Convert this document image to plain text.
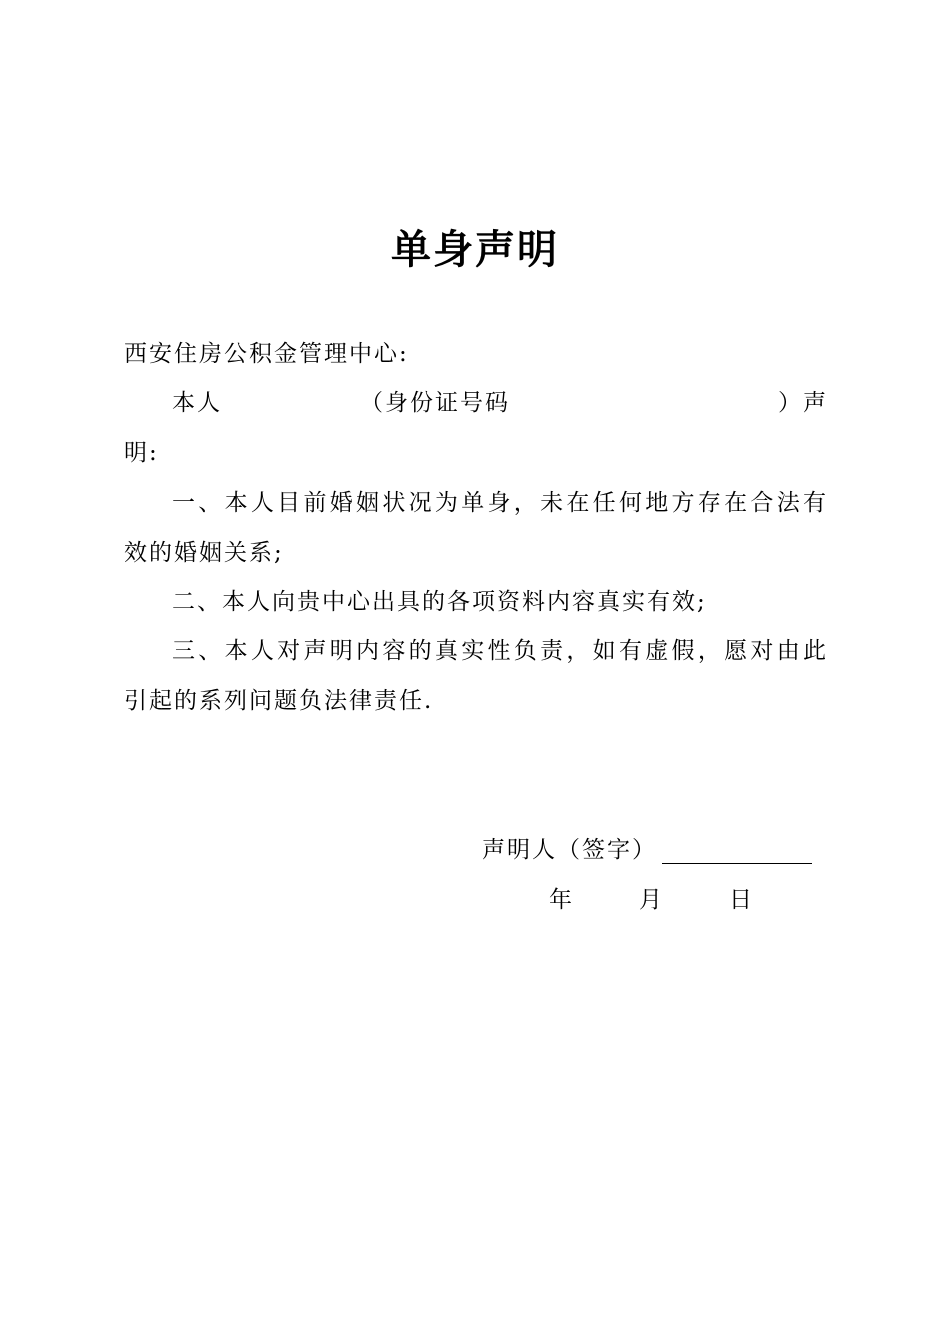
单身声明
西安住房公积金管理中心:
本人	（身份证号码	）声
明:
一、本人目前婚姻状况为单身，未在任何地方存在合法有
效的婚姻关系;
二、本人向贵中心出具的各项资料内容真实有效;
三、本人对声明内容的真实性负责，如有虚假，愿对由此
引起的系列问题负法律责任.
声明人（签字）
年	月	日
